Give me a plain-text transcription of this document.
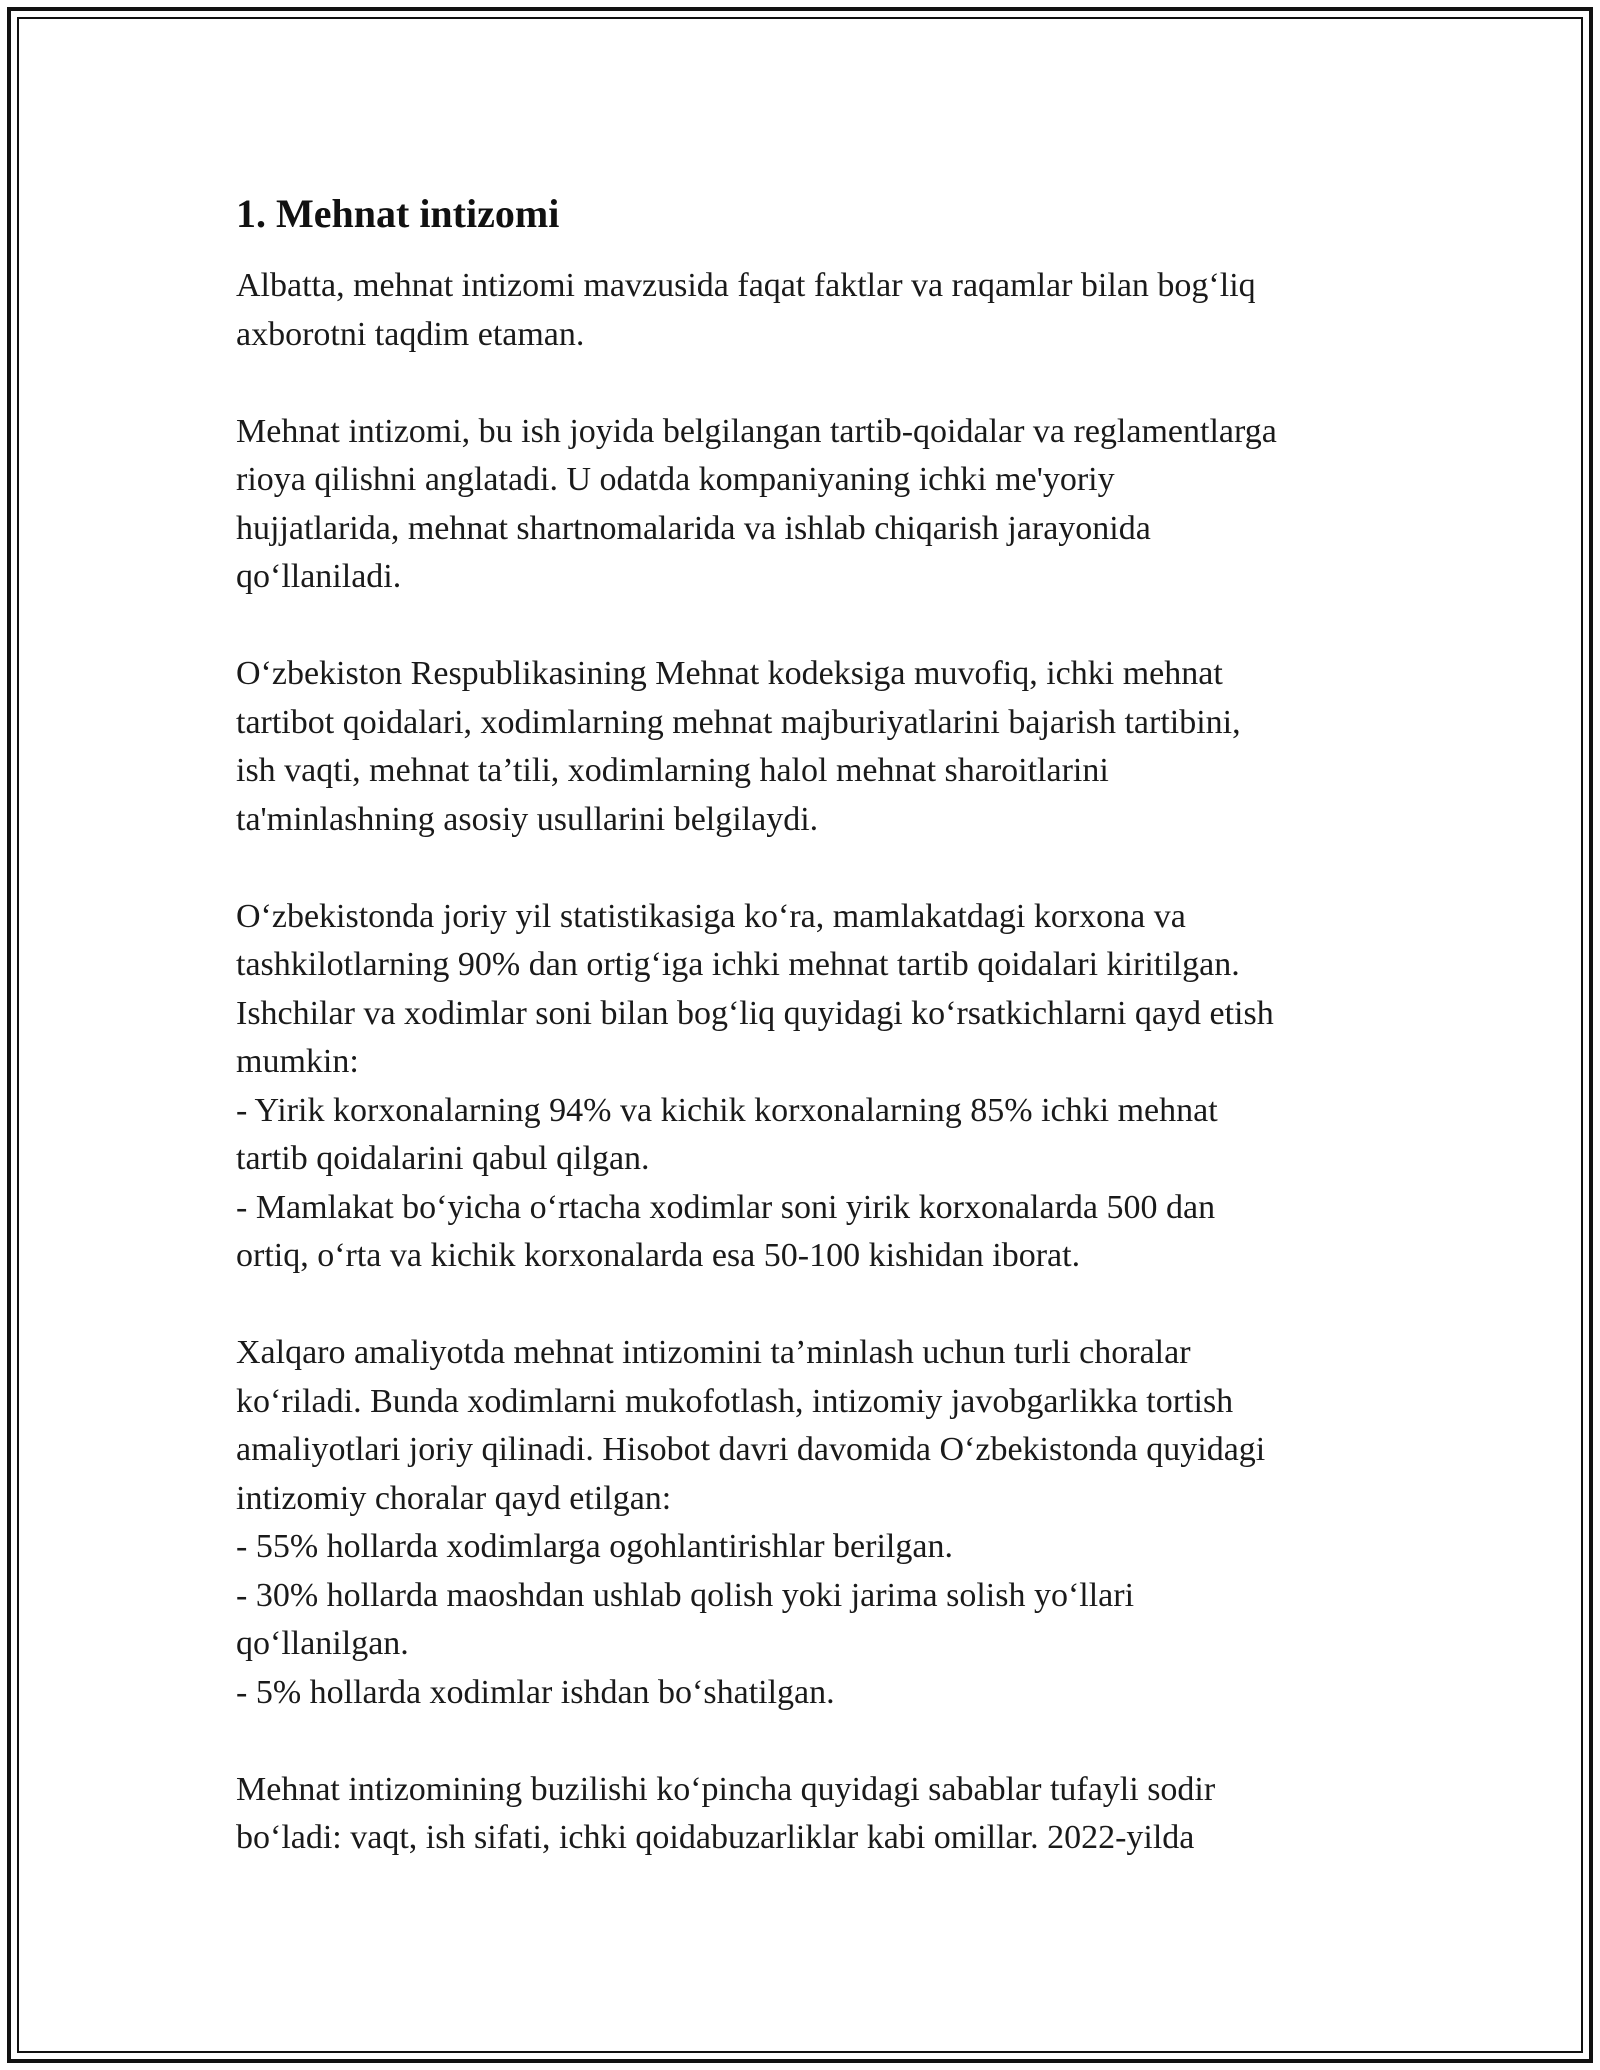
1. Mehnat intizomi

Albatta, mehnat intizomi mavzusida faqat faktlar va raqamlar bilan bog‘liq
axborotni taqdim etaman.

Mehnat intizomi, bu ish joyida belgilangan tartib-qoidalar va reglamentlarga
rioya qilishni anglatadi. U odatda kompaniyaning ichki me'yoriy
hujjatlarida, mehnat shartnomalarida va ishlab chiqarish jarayonida
qo‘llaniladi.

O‘zbekiston Respublikasining Mehnat kodeksiga muvofiq, ichki mehnat
tartibot qoidalari, xodimlarning mehnat majburiyatlarini bajarish tartibini,
ish vaqti, mehnat ta’tili, xodimlarning halol mehnat sharoitlarini
ta'minlashning asosiy usullarini belgilaydi.

O‘zbekistonda joriy yil statistikasiga ko‘ra, mamlakatdagi korxona va
tashkilotlarning 90% dan ortig‘iga ichki mehnat tartib qoidalari kiritilgan.
Ishchilar va xodimlar soni bilan bog‘liq quyidagi ko‘rsatkichlarni qayd etish
mumkin:
- Yirik korxonalarning 94% va kichik korxonalarning 85% ichki mehnat
tartib qoidalarini qabul qilgan.
- Mamlakat bo‘yicha o‘rtacha xodimlar soni yirik korxonalarda 500 dan
ortiq, o‘rta va kichik korxonalarda esa 50-100 kishidan iborat.

Xalqaro amaliyotda mehnat intizomini ta’minlash uchun turli choralar
ko‘riladi. Bunda xodimlarni mukofotlash, intizomiy javobgarlikka tortish
amaliyotlari joriy qilinadi. Hisobot davri davomida O‘zbekistonda quyidagi
intizomiy choralar qayd etilgan:
- 55% hollarda xodimlarga ogohlantirishlar berilgan.
- 30% hollarda maoshdan ushlab qolish yoki jarima solish yo‘llari
qo‘llanilgan.
- 5% hollarda xodimlar ishdan bo‘shatilgan.

Mehnat intizomining buzilishi ko‘pincha quyidagi sabablar tufayli sodir
bo‘ladi: vaqt, ish sifati, ichki qoidabuzarliklar kabi omillar. 2022-yilda
